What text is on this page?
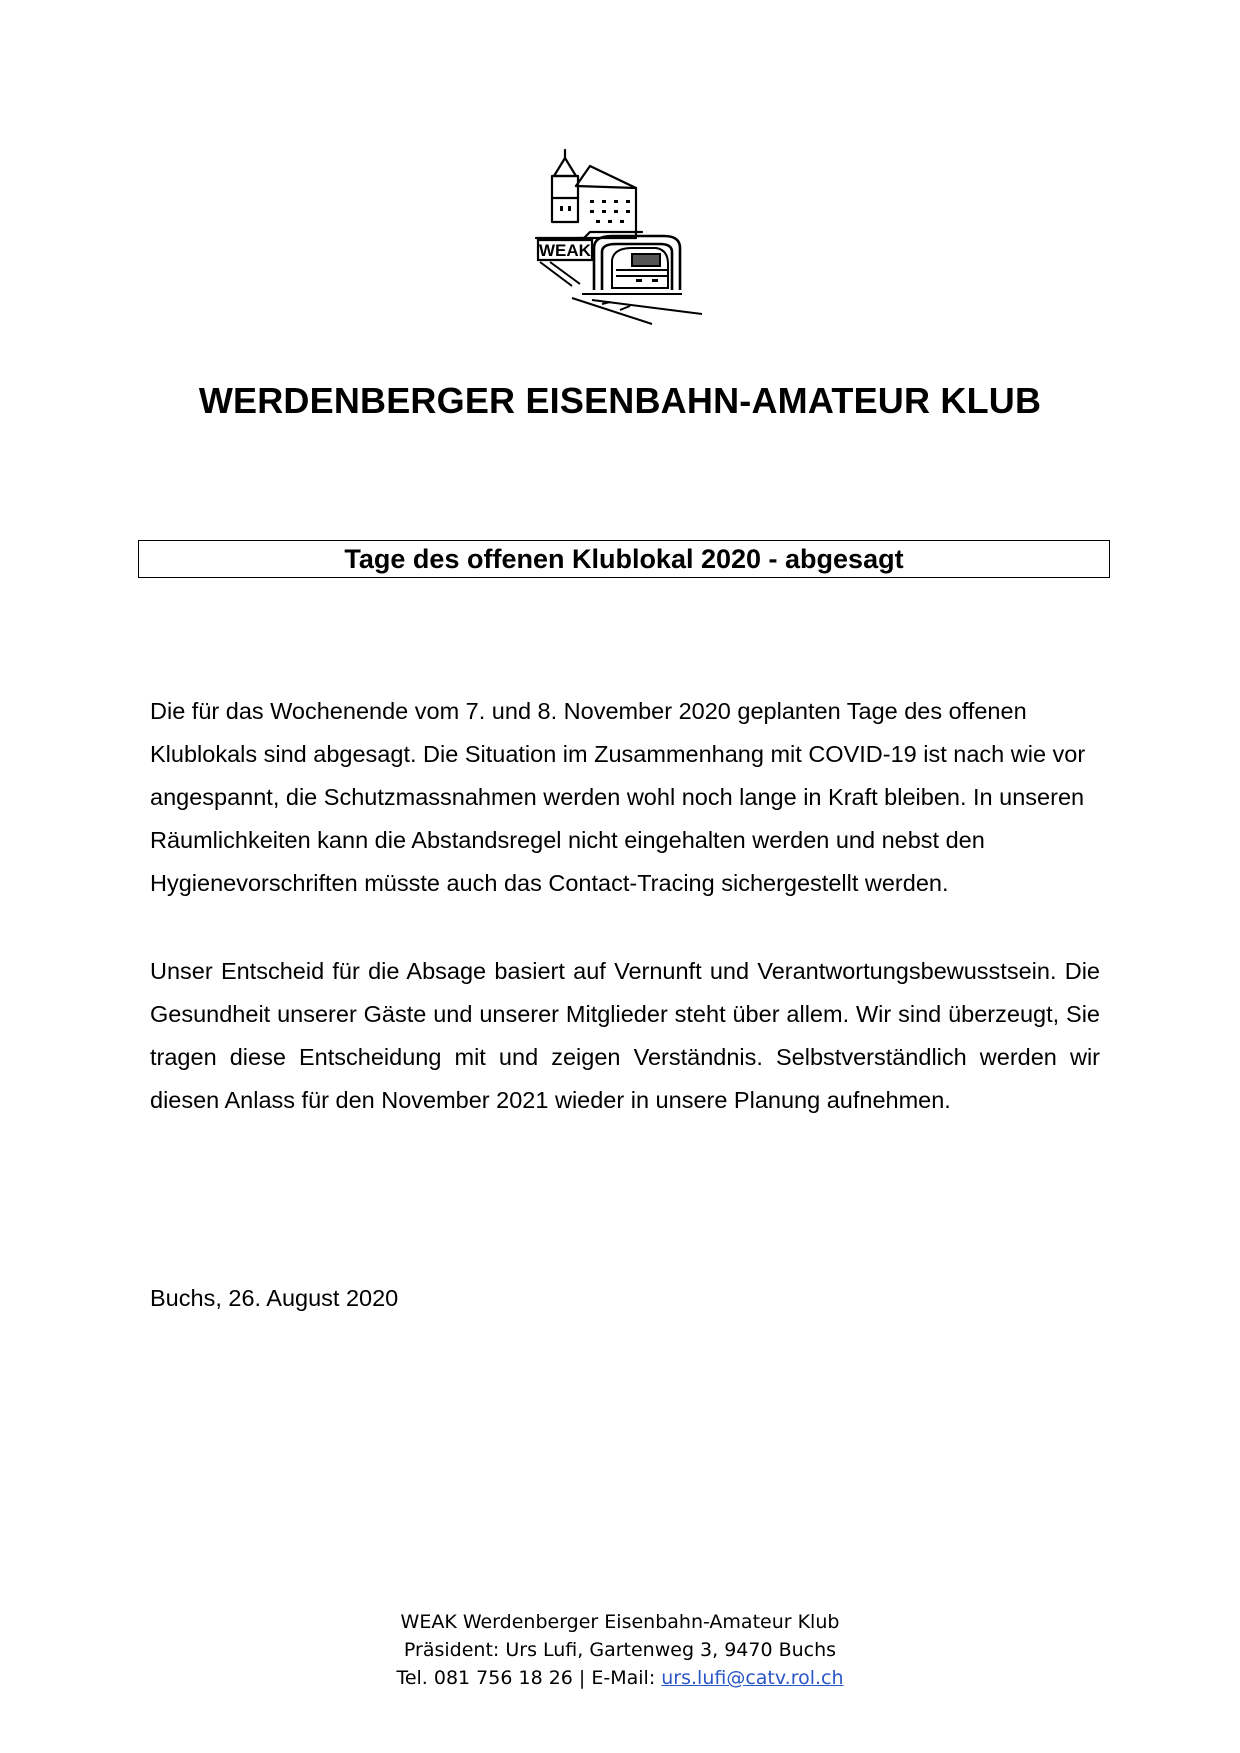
WEAK
WERDENBERGER EISENBAHN-AMATEUR KLUB
Tage des offenen Klublokal 2020 - abgesagt

Die für das Wochenende vom 7. und 8. November 2020 geplanten Tage des offenen Klublokals sind abgesagt. Die Situation im Zusammenhang mit COVID-19 ist nach wie vor angespannt, die Schutzmassnahmen werden wohl noch lange in Kraft bleiben. In unseren Räumlichkeiten kann die Abstandsregel nicht eingehalten werden und nebst den Hygienevorschriften müsste auch das Contact-Tracing sichergestellt werden.

Unser Entscheid für die Absage basiert auf Vernunft und Verantwortungsbewusstsein. Die Gesundheit unserer Gäste und unserer Mitglieder steht über allem. Wir sind überzeugt, Sie tragen diese Entscheidung mit und zeigen Verständnis. Selbstverständlich werden wir diesen Anlass für den November 2021 wieder in unsere Planung aufnehmen.

Buchs, 26. August 2020

WEAK Werdenberger Eisenbahn-Amateur Klub
Präsident: Urs Lufi, Gartenweg 3, 9470 Buchs
Tel. 081 756 18 26 | E-Mail: urs.lufi@catv.rol.ch
